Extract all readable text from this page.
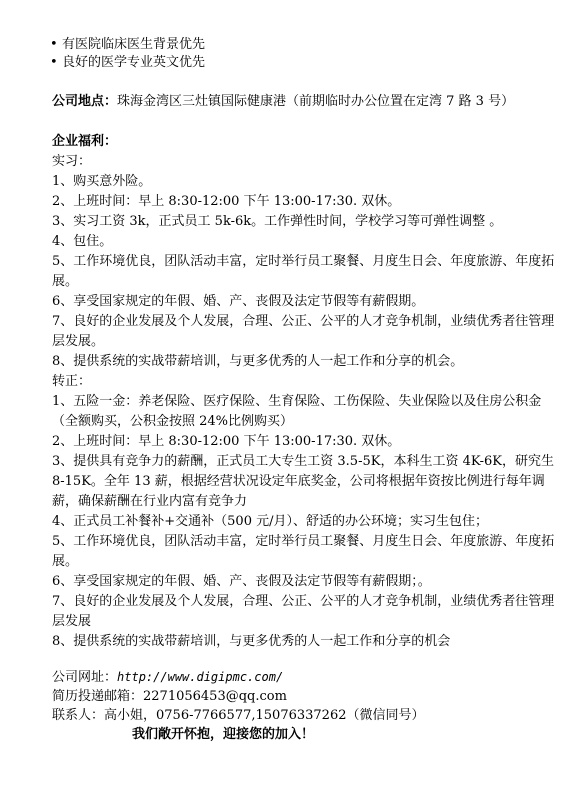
• 有医院临床医生背景优先
• 良好的医学专业英文优先
公司地点：珠海金湾区三灶镇国际健康港（前期临时办公位置在定湾 7 路 3 号）
企业福利：
实习：
1、购买意外险。
2、上班时间：早上 8:30-12:00 下午 13:00-17:30. 双休。
3、实习工资 3k，正式员工 5k-6k。工作弹性时间，学校学习等可弹性调整 。
4、包住。
5、工作环境优良，团队活动丰富，定时举行员工聚餐、月度生日会、年度旅游、年度拓展。
6、享受国家规定的年假、婚、产、丧假及法定节假等有薪假期。
7、良好的企业发展及个人发展，合理、公正、公平的人才竞争机制，业绩优秀者往管理层发展。
8、提供系统的实战带薪培训，与更多优秀的人一起工作和分享的机会。
转正：
1、五险一金：养老保险、医疗保险、生育保险、工伤保险、失业保险以及住房公积金（全额购买，公积金按照 24%比例购买）
2、上班时间：早上 8:30-12:00 下午 13:00-17:30. 双休。
3、提供具有竞争力的薪酬，正式员工大专生工资 3.5-5K，本科生工资 4K-6K，研究生 8-15K。全年 13 薪，根据经营状况设定年底奖金，公司将根据年资按比例进行每年调薪，确保薪酬在行业内富有竞争力
4、正式员工补餐补+交通补（500 元/月）、舒适的办公环境；实习生包住；
5、工作环境优良，团队活动丰富，定时举行员工聚餐、月度生日会、年度旅游、年度拓展。
6、享受国家规定的年假、婚、产、丧假及法定节假等有薪假期；。
7、良好的企业发展及个人发展，合理、公正、公平的人才竞争机制，业绩优秀者往管理层发展
8、提供系统的实战带薪培训，与更多优秀的人一起工作和分享的机会
公司网址：http://www.digipmc.com/
简历投递邮箱：2271056453@qq.com
联系人：高小姐，0756-7766577,15076337262（微信同号）
我们敞开怀抱，迎接您的加入！
